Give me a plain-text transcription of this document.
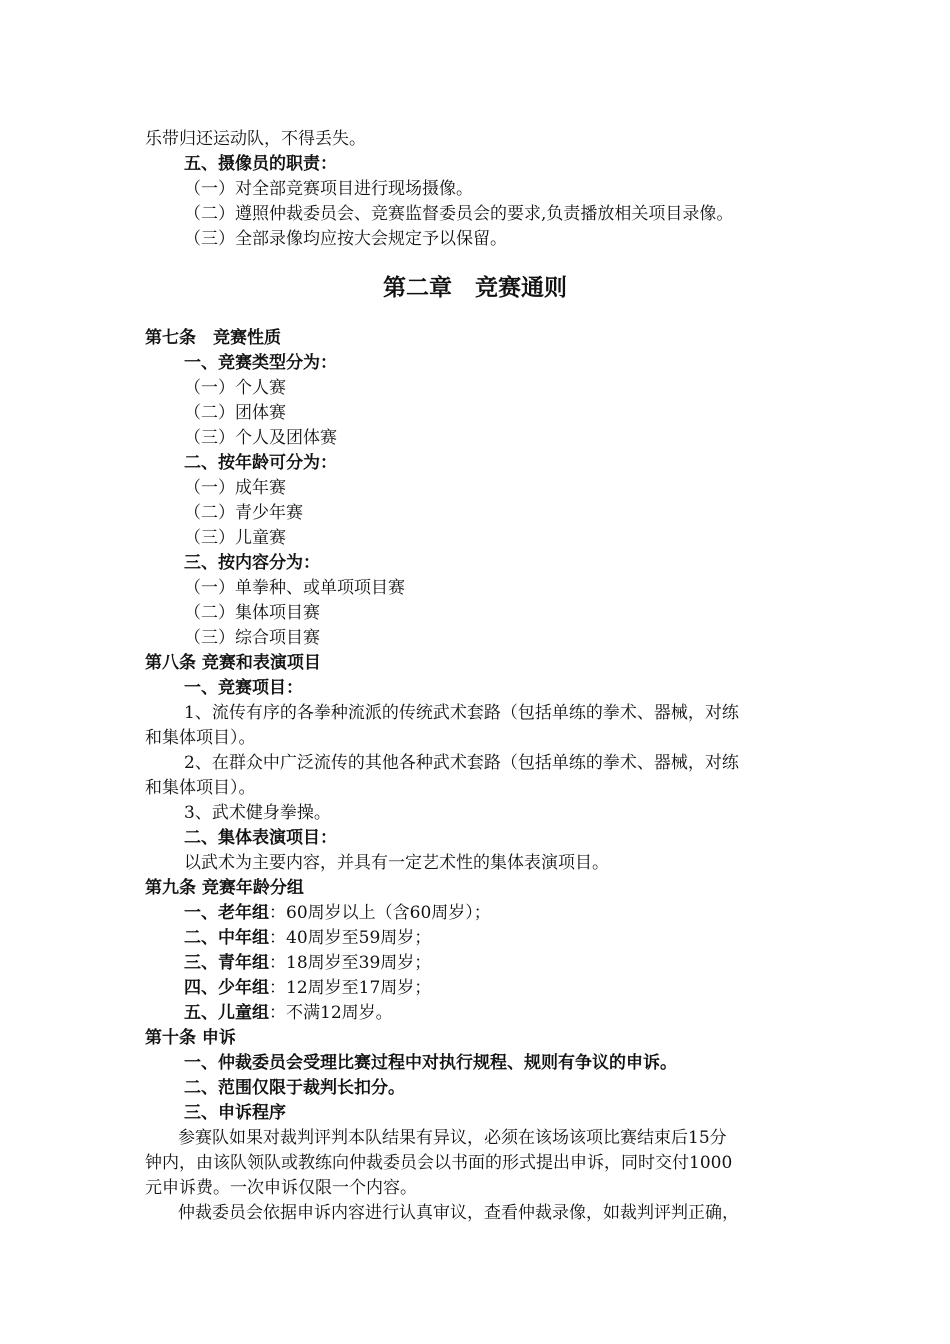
乐带归还运动队，不得丢失。
五、摄像员的职责：
（一）对全部竞赛项目进行现场摄像。
（二）遵照仲裁委员会、竞赛监督委员会的要求,负责播放相关项目录像。
（三）全部录像均应按大会规定予以保留。
第二章　竞赛通则
第七条　竞赛性质
一、竞赛类型分为：
（一）个人赛
（二）团体赛
（三）个人及团体赛
二、按年龄可分为：
（一）成年赛
（二）青少年赛
（三）儿童赛
三、按内容分为：
（一）单拳种、或单项项目赛
（二）集体项目赛
（三）综合项目赛
第八条 竞赛和表演项目
一、竞赛项目：
1、流传有序的各拳种流派的传统武术套路（包括单练的拳术、器械，对练
和集体项目）。
2、在群众中广泛流传的其他各种武术套路（包括单练的拳术、器械，对练
和集体项目）。
3、武术健身拳操。
二、集体表演项目：
以武术为主要内容，并具有一定艺术性的集体表演项目。
第九条 竞赛年龄分组
一、老年组：60周岁以上（含60周岁）；
二、中年组：40周岁至59周岁；
三、青年组：18周岁至39周岁；
四、少年组：12周岁至17周岁；
五、儿童组：不满12周岁。
第十条 申诉
一、仲裁委员会受理比赛过程中对执行规程、规则有争议的申诉。
二、范围仅限于裁判长扣分。
三、申诉程序
参赛队如果对裁判评判本队结果有异议，必须在该场该项比赛结束后15分
钟内，由该队领队或教练向仲裁委员会以书面的形式提出申诉，同时交付1000
元申诉费。一次申诉仅限一个内容。
仲裁委员会依据申诉内容进行认真审议，查看仲裁录像，如裁判评判正确，
